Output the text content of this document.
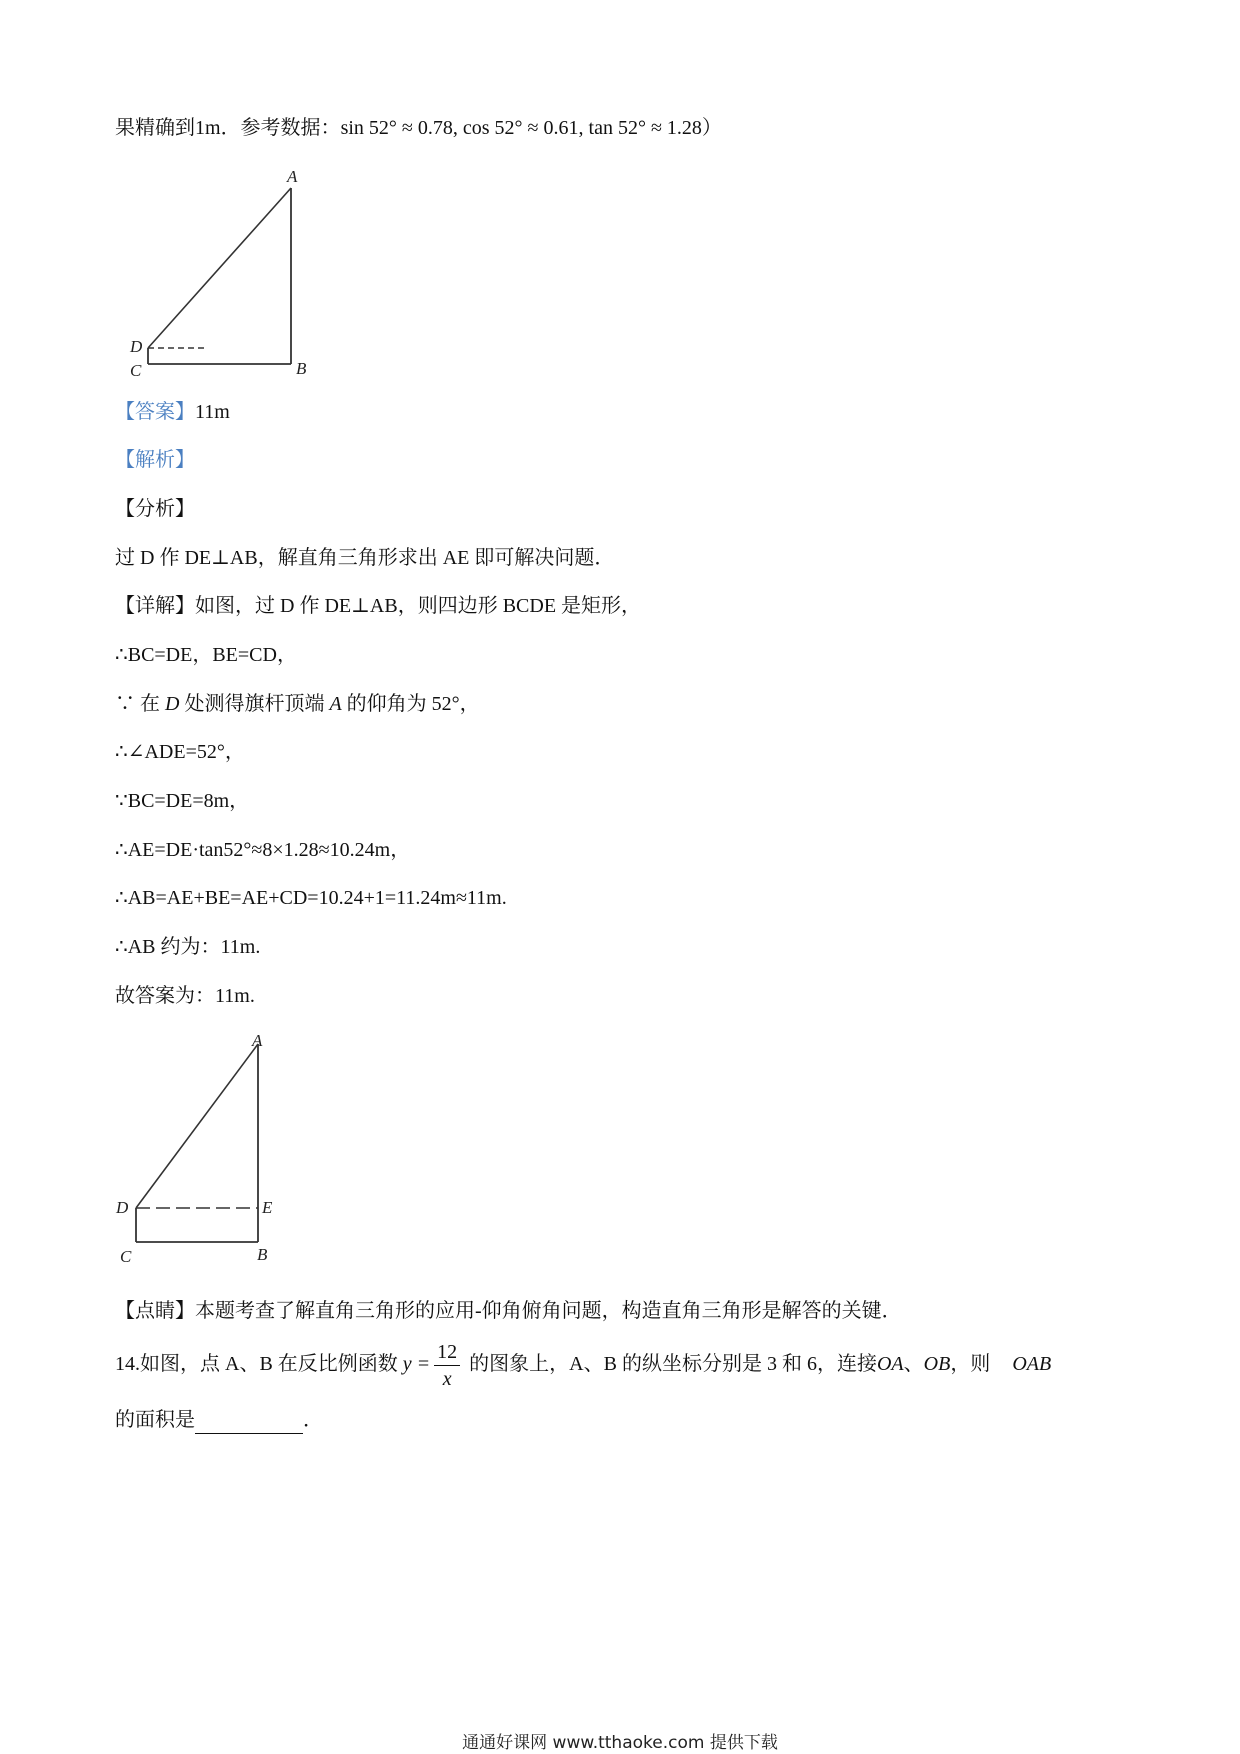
果精确到1m．参考数据：sin 52° ≈ 0.78, cos 52° ≈ 0.61, tan 52° ≈ 1.28）
A
B
C
D
【答案】11m
【解析】
【分析】
过 D 作 DE⊥AB，解直角三角形求出 AE 即可解决问题．
【详解】如图，过 D 作 DE⊥AB，则四边形 BCDE 是矩形，
∴BC=DE，BE=CD，
∵ 在 D 处测得旗杆顶端 A 的仰角为 52°，
∴∠ADE=52°，
∵BC=DE=8m，
∴AE=DE·tan52°≈8×1.28≈10.24m，
∴AB=AE+BE=AE+CD=10.24+1=11.24m≈11m.
∴AB 约为：11m.
故答案为：11m.
A
B
C
D	E
【点睛】本题考查了解直角三角形的应用-仰角俯角问题，构造直角三角形是解答的关键．
14.如图，点 A、B 在反比例函数 $y = \frac{12}{x}$ 的图象上，A、B 的纵坐标分别是 3 和 6，连接OA、OB，则 OAB
的面积是	．
通通好课网 www.tthaoke.com 提供下载
